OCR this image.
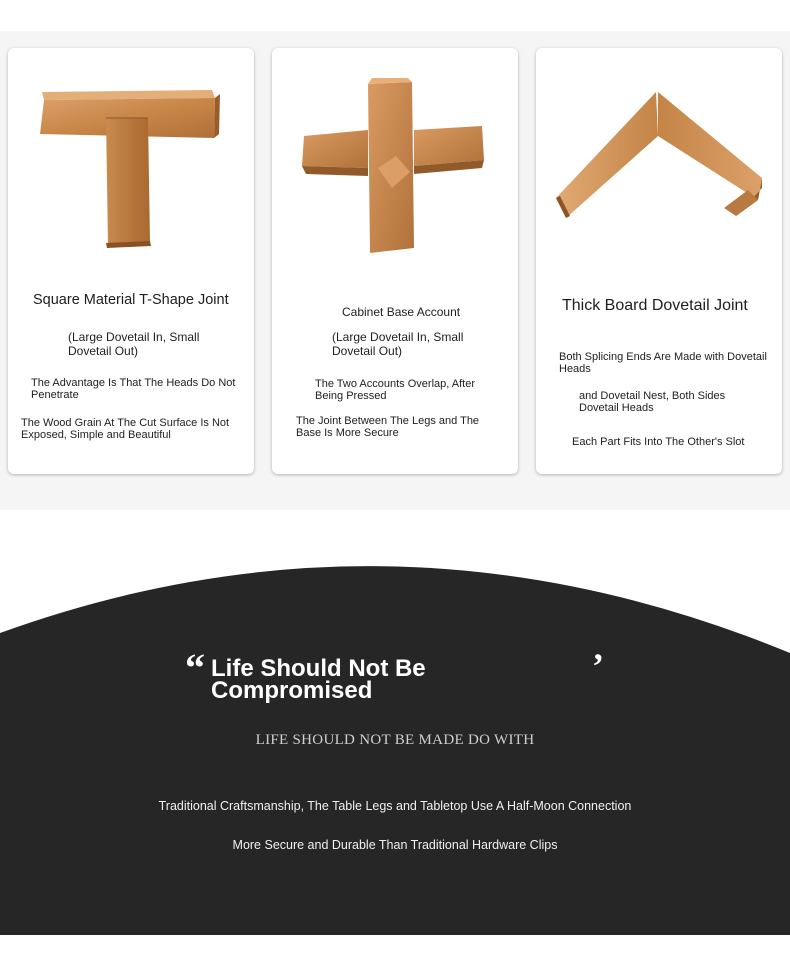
Square Material T-Shape Joint
(Large Dovetail In, Small Dovetail Out)
The Advantage Is That The Heads Do Not Penetrate
The Wood Grain At The Cut Surface Is Not Exposed, Simple and Beautiful
Cabinet Base Account
(Large Dovetail In, Small Dovetail Out)
The Two Accounts Overlap, After Being Pressed
The Joint Between The Legs and The Base Is More Secure
Thick Board Dovetail Joint
Both Splicing Ends Are Made with Dovetail Heads
and Dovetail Nest, Both Sides Dovetail Heads
Each Part Fits Into The Other's Slot
“ Life Should Not Be
Compromised
’
LIFE SHOULD NOT BE MADE DO WITH
Traditional Craftsmanship, The Table Legs and Tabletop Use A Half-Moon Connection
More Secure and Durable Than Traditional Hardware Clips
